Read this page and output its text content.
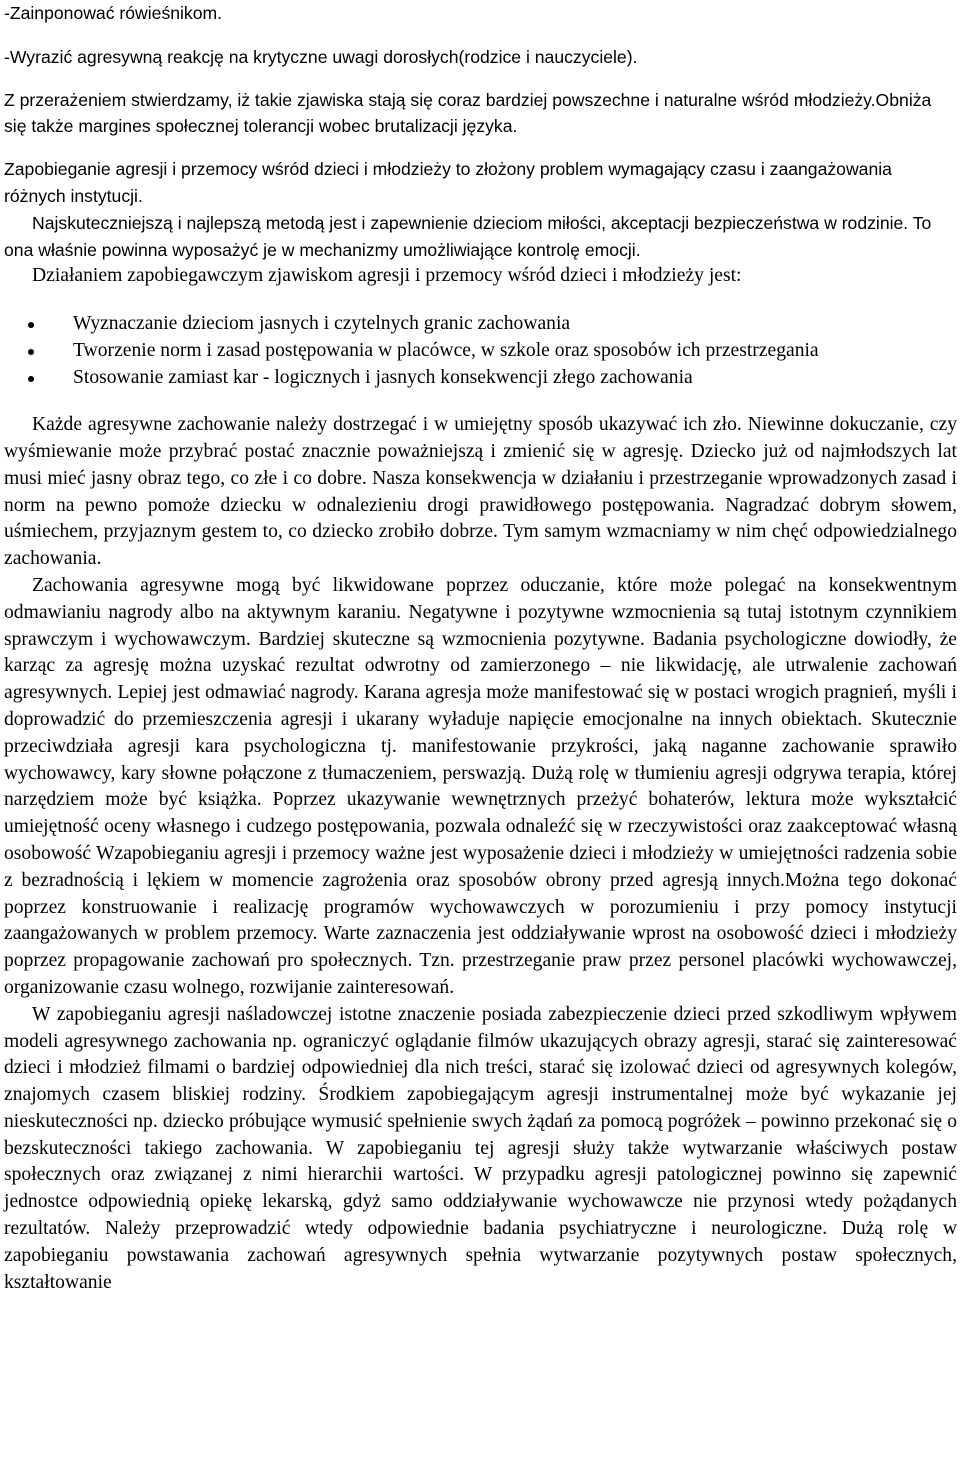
-Zainponować rówieśnikom.

-Wyrazić agresywną reakcję na krytyczne uwagi dorosłych(rodzice i nauczyciele).

Z przerażeniem stwierdzamy, iż takie zjawiska stają się coraz bardziej powszechne i naturalne wśród młodzieży.Obniża się także margines społecznej tolerancji wobec brutalizacji języka.

Zapobieganie agresji i przemocy wśród dzieci i młodzieży to złożony problem wymagający czasu i zaangażowania różnych instytucji.

Najskuteczniejszą i najlepszą metodą jest i zapewnienie dzieciom miłości, akceptacji bezpieczeństwa w rodzinie. To ona właśnie powinna wyposażyć je w mechanizmy umożliwiające kontrolę emocji.

Działaniem zapobiegawczym zjawiskom agresji i przemocy wśród dzieci i młodzieży jest:

Wyznaczanie dzieciom jasnych i czytelnych granic zachowania
Tworzenie norm i zasad postępowania w placówce, w szkole oraz sposobów ich przestrzegania
Stosowanie zamiast kar - logicznych i jasnych konsekwencji złego zachowania

Każde agresywne zachowanie należy dostrzegać i w umiejętny sposób ukazywać ich zło. Niewinne dokuczanie, czy wyśmiewanie może przybrać postać znacznie poważniejszą i zmienić się w agresję. Dziecko już od najmłodszych lat musi mieć jasny obraz tego, co złe i co dobre. Nasza konsekwencja w działaniu i przestrzeganie wprowadzonych zasad i norm na pewno pomoże dziecku w odnalezieniu drogi prawidłowego postępowania. Nagradzać dobrym słowem, uśmiechem, przyjaznym gestem to, co dziecko zrobiło dobrze. Tym samym wzmacniamy w nim chęć odpowiedzialnego zachowania.

Zachowania agresywne mogą być likwidowane poprzez oduczanie, które może polegać na konsekwentnym odmawianiu nagrody albo na aktywnym karaniu. Negatywne i pozytywne wzmocnienia są tutaj istotnym czynnikiem sprawczym i wychowawczym. Bardziej skuteczne są wzmocnienia pozytywne. Badania psychologiczne dowiodły, że karząc za agresję można uzyskać rezultat odwrotny od zamierzonego – nie likwidację, ale utrwalenie zachowań agresywnych. Lepiej jest odmawiać nagrody. Karana agresja może manifestować się w postaci wrogich pragnień, myśli i doprowadzić do przemieszczenia agresji i ukarany wyładuje napięcie emocjonalne na innych obiektach. Skutecznie przeciwdziała agresji kara psychologiczna tj. manifestowanie przykrości, jaką naganne zachowanie sprawiło wychowawcy, kary słowne połączone z tłumaczeniem, perswazją. Dużą rolę w tłumieniu agresji odgrywa terapia, której narzędziem może być książka. Poprzez ukazywanie wewnętrznych przeżyć bohaterów, lektura może wykształcić umiejętność oceny własnego i cudzego postępowania, pozwala odnaleźć się w rzeczywistości oraz zaakceptować własną osobowość Wzapobieganiu agresji i przemocy ważne jest wyposażenie dzieci i młodzieży w umiejętności radzenia sobie z bezradnością i lękiem w momencie zagrożenia oraz sposobów obrony przed agresją innych.Można tego dokonać poprzez konstruowanie i realizację programów wychowawczych w porozumieniu i przy pomocy instytucji zaangażowanych w problem przemocy. Warte zaznaczenia jest oddziaływanie wprost na osobowość dzieci i młodzieży poprzez propagowanie zachowań pro społecznych. Tzn. przestrzeganie praw przez personel placówki wychowawczej, organizowanie czasu wolnego, rozwijanie zainteresowań.

W zapobieganiu agresji naśladowczej istotne znaczenie posiada zabezpieczenie dzieci przed szkodliwym wpływem modeli agresywnego zachowania np. ograniczyć oglądanie filmów ukazujących obrazy agresji, starać się zainteresować dzieci i młodzież filmami o bardziej odpowiedniej dla nich treści, starać się izolować dzieci od agresywnych kolegów, znajomych czasem bliskiej rodziny. Środkiem zapobiegającym agresji instrumentalnej może być wykazanie jej nieskuteczności np. dziecko próbujące wymusić spełnienie swych żądań za pomocą pogróżek – powinno przekonać się o bezskuteczności takiego zachowania. W zapobieganiu tej agresji służy także wytwarzanie właściwych postaw społecznych oraz związanej z nimi hierarchii wartości. W przypadku agresji patologicznej powinno się zapewnić jednostce odpowiednią opiekę lekarską, gdyż samo oddziaływanie wychowawcze nie przynosi wtedy pożądanych rezultatów. Należy przeprowadzić wtedy odpowiednie badania psychiatryczne i neurologiczne. Dużą rolę w zapobieganiu powstawania zachowań agresywnych spełnia wytwarzanie pozytywnych postaw społecznych, kształtowanie
